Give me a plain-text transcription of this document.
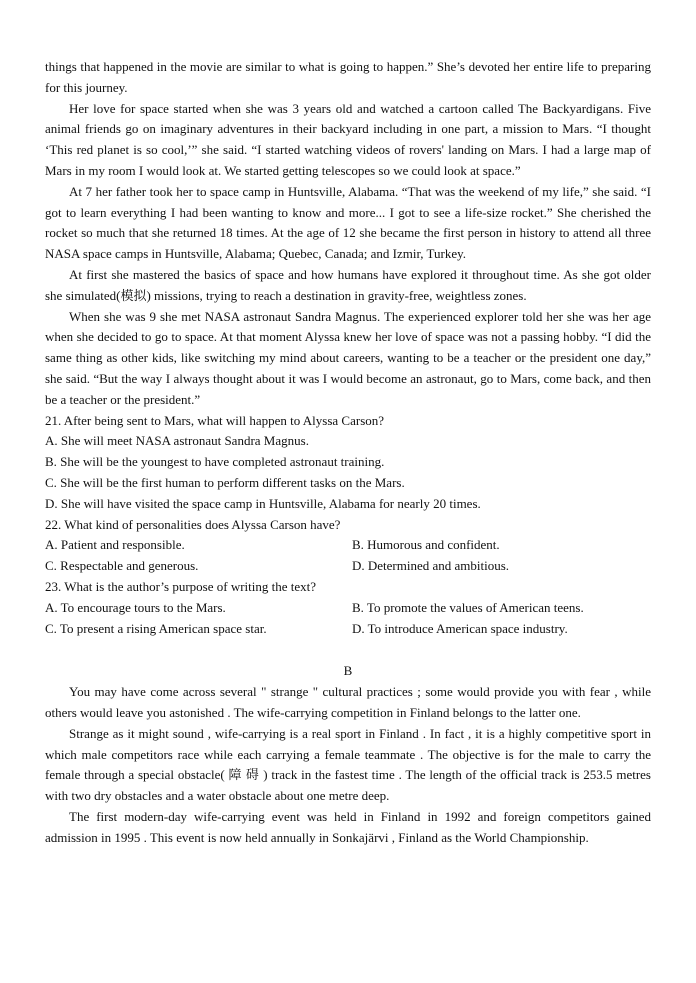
things that happened in the movie are similar to what is going to happen.” She’s devoted her entire life to preparing for this journey.

Her love for space started when she was 3 years old and watched a cartoon called The Backyardigans. Five animal friends go on imaginary adventures in their backyard including in one part, a mission to Mars. “I thought ‘This red planet is so cool,’” she said. “I started watching videos of rovers' landing on Mars. I had a large map of Mars in my room I would look at. We started getting telescopes so we could look at space.”

At 7 her father took her to space camp in Huntsville, Alabama. “That was the weekend of my life,” she said. “I got to learn everything I had been wanting to know and more... I got to see a life-size rocket.” She cherished the rocket so much that she returned 18 times. At the age of 12 she became the first person in history to attend all three NASA space camps in Huntsville, Alabama; Quebec, Canada; and Izmir, Turkey.

At first she mastered the basics of space and how humans have explored it throughout time. As she got older she simulated(模拟) missions, trying to reach a destination in gravity-free, weightless zones.

When she was 9 she met NASA astronaut Sandra Magnus. The experienced explorer told her she was her age when she decided to go to space. At that moment Alyssa knew her love of space was not a passing hobby. “I did the same thing as other kids, like switching my mind about careers, wanting to be a teacher or the president one day,” she said. “But the way I always thought about it was I would become an astronaut, go to Mars, come back, and then be a teacher or the president.”

21. After being sent to Mars, what will happen to Alyssa Carson?
A. She will meet NASA astronaut Sandra Magnus.
B. She will be the youngest to have completed astronaut training.
C. She will be the first human to perform different tasks on the Mars.
D. She will have visited the space camp in Huntsville, Alabama for nearly 20 times.
22. What kind of personalities does Alyssa Carson have?
A. Patient and responsible.	B. Humorous and confident.
C. Respectable and generous.	D. Determined and ambitious.
23. What is the author’s purpose of writing the text?
A. To encourage tours to the Mars.	B. To promote the values of American teens.
C. To present a rising American space star.	D. To introduce American space industry.
B

You may have come across several " strange " cultural practices ; some would provide you with fear , while others would leave you astonished . The wife-carrying competition in Finland belongs to the latter one.

Strange as it might sound , wife-carrying is a real sport in Finland . In fact , it is a highly competitive sport in which male competitors race while each carrying a female teammate . The objective is for the male to carry the female through a special obstacle( 障 碍 ) track in the fastest time . The length of the official track is 253.5 metres with two dry obstacles and a water obstacle about one metre deep.

The first modern-day wife-carrying event was held in Finland in 1992 and foreign competitors gained admission in 1995 . This event is now held annually in Sonkajärvi , Finland as the World Championship.
